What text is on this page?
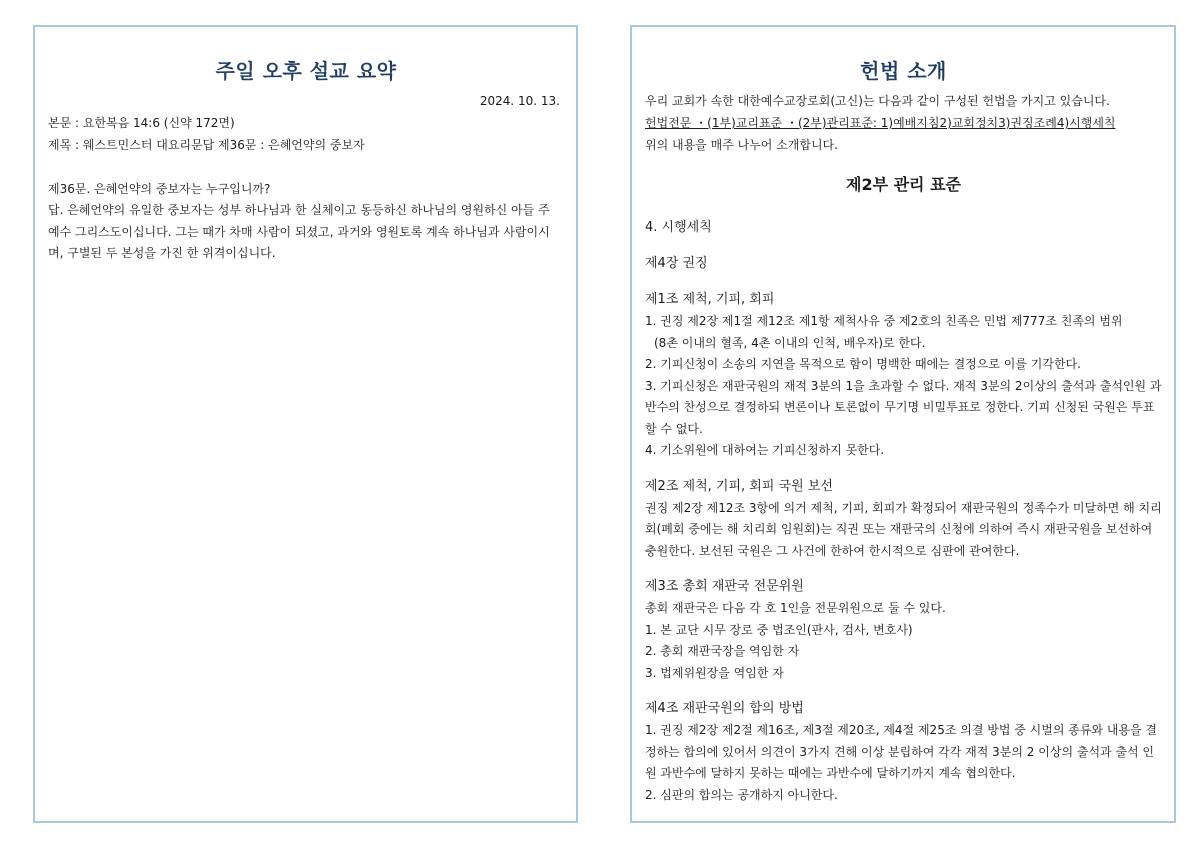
주일 오후 설교 요약
2024. 10. 13.
본문 : 요한복음 14:6 (신약 172면)
제목 : 웨스트민스터 대요리문답 제36문 : 은혜언약의 중보자
제36문. 은혜언약의 중보자는 누구입니까?
답. 은혜언약의 유일한 중보자는 성부 하나님과 한 실체이고 동등하신 하나님의 영원하신 아들 주 예수 그리스도이십니다. 그는 때가 차매 사람이 되셨고, 과거와 영원토록 계속 하나님과 사람이시며, 구별된 두 본성을 가진 한 위격이십니다.
헌법 소개
우리 교회가 속한 대한예수교장로회(고신)는 다음과 같이 구성된 헌법을 가지고 있습니다.
헌법전문 ・(1부)교리표준 ・(2부)관리표준: 1)예배지침2)교회정치3)권징조례4)시행세칙
위의 내용을 매주 나누어 소개합니다.
제2부 관리 표준
4. 시행세칙
제4장 권징
제1조 제척, 기피, 회피
1. 권징 제2장 제1절 제12조 제1항 제척사유 중 제2호의 친족은 민법 제777조 친족의 범위
(8촌 이내의 혈족, 4촌 이내의 인척, 배우자)로 한다.
2. 기피신청이 소송의 지연을 목적으로 함이 명백한 때에는 결정으로 이를 기각한다.
3. 기피신청은 재판국원의 재적 3분의 1을 초과할 수 없다. 재적 3분의 2이상의 출석과 출석인원 과반수의 찬성으로 결정하되 변론이나 토론없이 무기명 비밀투표로 정한다. 기피 신청된 국원은 투표할 수 없다.
4. 기소위원에 대하여는 기피신청하지 못한다.
제2조 제척, 기피, 회피 국원 보선
권징 제2장 제12조 3항에 의거 제척, 기피, 회피가 확정되어 재판국원의 정족수가 미달하면 해 치리회(폐회 중에는 해 치리회 임원회)는 직권 또는 재판국의 신청에 의하여 즉시 재판국원을 보선하여 충원한다. 보선된 국원은 그 사건에 한하여 한시적으로 심판에 관여한다.
제3조 총회 재판국 전문위원
총회 재판국은 다음 각 호 1인을 전문위원으로 둘 수 있다.
1. 본 교단 시무 장로 중 법조인(판사, 검사, 변호사)
2. 총회 재판국장을 역임한 자
3. 법제위원장을 역임한 자
제4조 재판국원의 합의 방법
1. 권징 제2장 제2절 제16조, 제3절 제20조, 제4절 제25조 의결 방법 중 시벌의 종류와 내용을 결정하는 합의에 있어서 의견이 3가지 견해 이상 분립하여 각각 재적 3분의 2 이상의 출석과 출석 인원 과반수에 달하지 못하는 때에는 과반수에 달하기까지 계속 협의한다.
2. 심판의 합의는 공개하지 아니한다.
